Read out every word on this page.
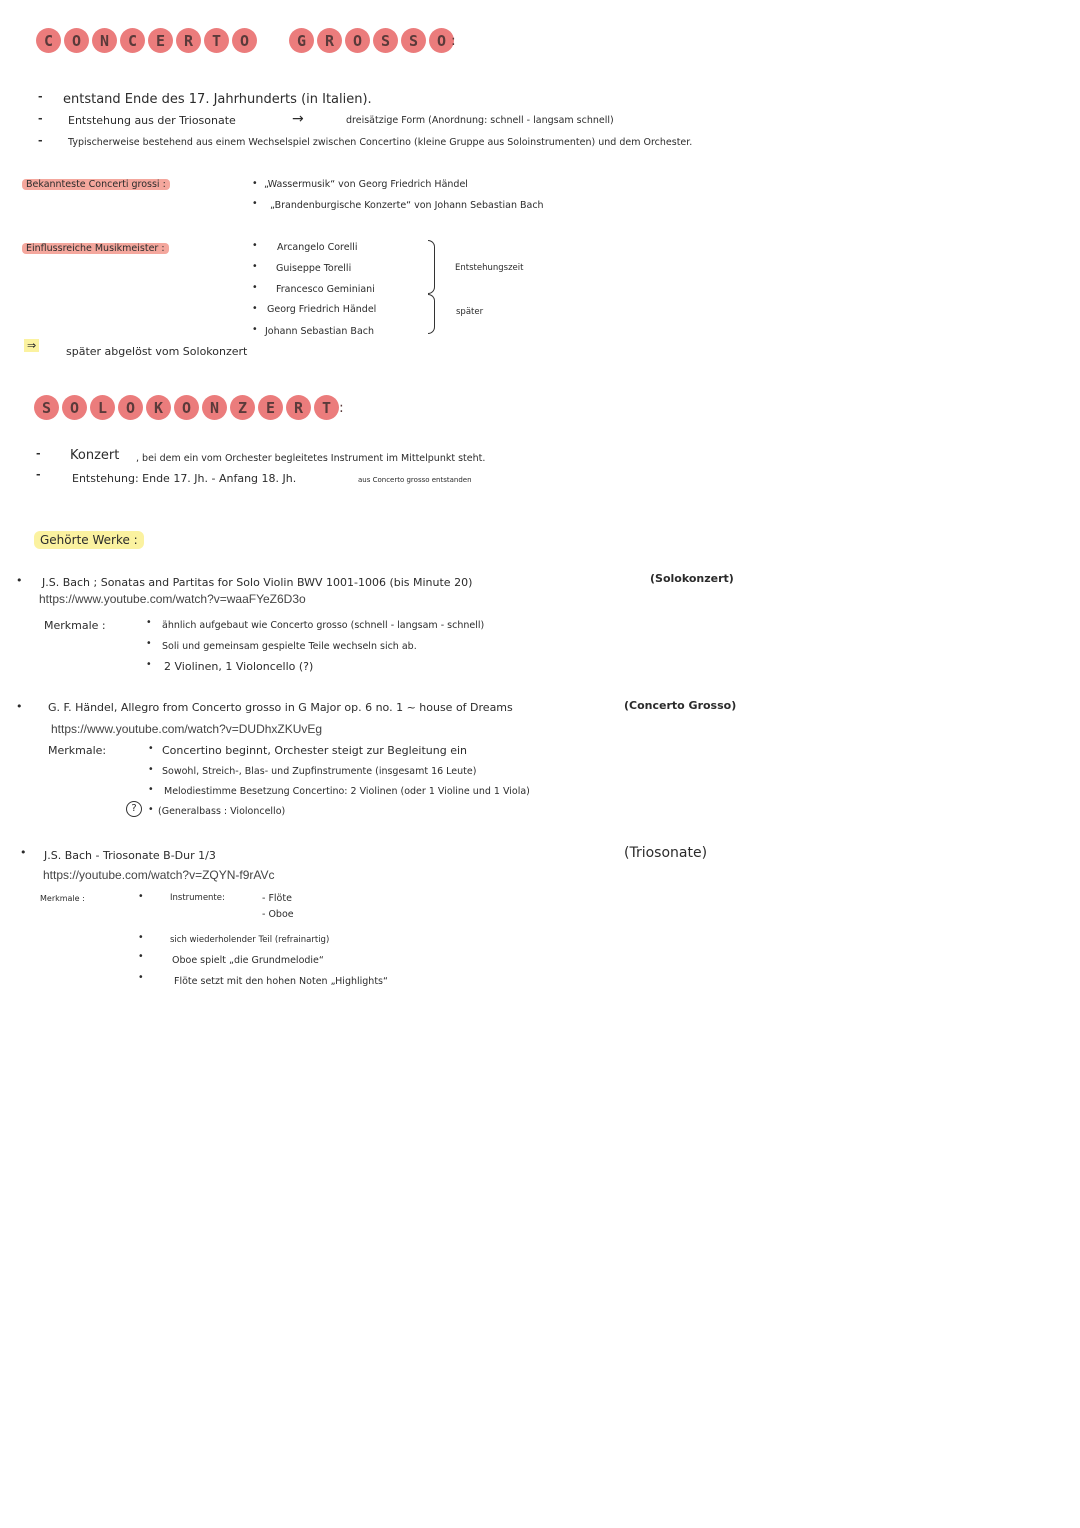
C	O	N	C	E	R	T	O	G	R	O	S	S	O :
- entstand Ende des 17. Jahrhunderts (in Italien).
- Entstehung aus der Triosonate	→	dreisätzige Form (Anordnung: schnell - langsam schnell)
-	Typischerweise bestehend aus einem Wechselspiel zwischen Concertino (kleine Gruppe aus Soloinstrumenten) und dem Orchester.
Bekannteste Concerti grossi :	• „Wassermusik“ von Georg Friedrich Händel
• „Brandenburgische Konzerte“ von Johann Sebastian Bach
Einflussreiche Musikmeister :	• Arcangelo Corelli
• Guiseppe Torelli
• Francesco Geminiani
• Georg Friedrich Händel
• Johann Sebastian Bach
Entstehungszeit
später
⇒	später abgelöst vom Solokonzert
S	O	L	O	K	O	N	Z	E	R	T :
- Konzert , bei dem ein vom Orchester begleitetes Instrument im Mittelpunkt steht.
-	Entstehung: Ende 17. Jh. - Anfang 18. Jh.	aus Concerto grosso entstanden
Gehörte Werke :
• J.S. Bach ; Sonatas and Partitas for Solo Violin BWV 1001-1006 (bis Minute 20)	(Solokonzert)
https://www.youtube.com/watch?v=waaFYeZ6D3o
Merkmale :	• ähnlich aufgebaut wie Concerto grosso (schnell - langsam - schnell)
• Soli und gemeinsam gespielte Teile wechseln sich ab.
• 2 Violinen, 1 Violoncello (?)
• G. F. Händel, Allegro from Concerto grosso in G Major op. 6 no. 1 ~ house of Dreams	(Concerto Grosso)
https://www.youtube.com/watch?v=DUDhxZKUvEg
Merkmale:	• Concertino beginnt, Orchester steigt zur Begleitung ein
• Sowohl, Streich-, Blas- und Zupfinstrumente (insgesamt 16 Leute)
• Melodiestimme Besetzung Concertino: 2 Violinen (oder 1 Violine und 1 Viola)
?	• (Generalbass : Violoncello)
• J.S. Bach - Triosonate B-Dur 1/3	(Triosonate)
https://youtube.com/watch?v=ZQYN-f9rAVc
Merkmale :	•	Instrumente:	- Flöte
- Oboe
•	sich wiederholender Teil (refrainartig)
•	Oboe spielt „die Grundmelodie“
•	Flöte setzt mit den hohen Noten „Highlights“
